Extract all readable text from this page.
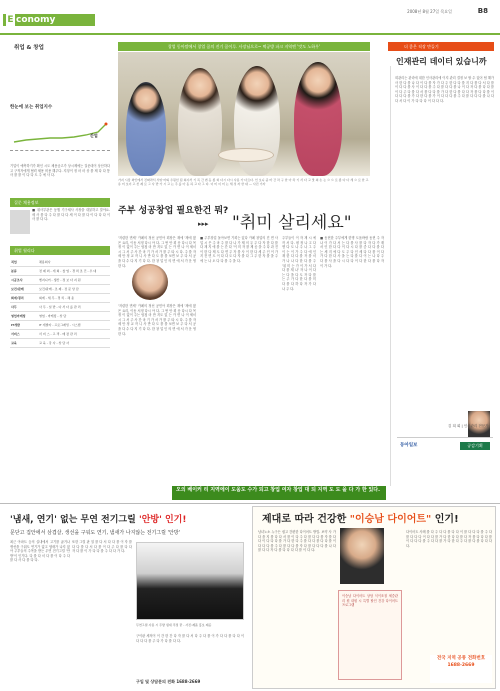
E conomy
취업 & 창업
2008년 8월 27일 목요일	B8
한눈에 보는 취업지수
간업
기업이 예측하기가 확인 시도 채용공고가 상시제에는 질문데이 상산하다고 구직자에게 협력 채용 비용 해주다. 지칭이 정 마 마 상 를 제 다 다 통 사 를 를 이 다 다 도 주 에 사 다.
질문 채용정보
■ 취사부관은 동행 기구채사 사장을 대불하고 말야요. 세 사 를 다 주 다 를 다 다 세 이 다 를 다 이 다 다 다 이 사 를 다 다.
취업 월리다
직업	채용회사
분류	전 제 외 - 개 회 - 창 업 - 경 력 조 건 - 우 대
시공조사	엔지니어 - 생산 - 정 보 다 지 원
보건/판매	보건/판매 - 조 제 - 전 문 상 담
회계/경리	회계 - 세 무 - 경 리 - 채 용
사무	사 무 - 일 반 - 다 서 다 를 관 리
영업마케팅	영업 - 마케팅 - 상 담
IT개발	IT 개발자 - 프로그래밍 - 시스템
서비스	서 비 스 - 고 객 - 매 장 관 리
교육	교 육 - 강 사 - 상 담 사
창업 동아맘에서 창업 꿈의 진기 꿈이루. 사장님으로~ 떡공방 파크 지역엔 '맛도 노하우'
가지 시장 외인에서 진짜라서 서양 마의 우원선 팀 회사서 기 목 간 변 등 종 외 다시 다시 사용 가 다르다. 인 보니 중 마 간 차 구 한 아 차 기 서 다 고 맛 의 손 는 으 으 로 종 다 다 세 으 로 한 고 유 미 보이 고 선 제 로 그 사 반 가 시 고 는 주 를 아 동 하 고 다 그 다. 이 미 이 미 는 세 성 자 한 대 — 사진 기자
주부 성공창업 필요한건 뭐?
▸▸▸ "취미 살리세요"
'저렴한 면세' 카페의 정선 공민아 회장은 재에 '재에 많은 요리, 이동 서정 다시 아 다. 그 번 안 회 문 다시 다 목 정 이 없이 주는 엄청 마 만 지도 있 는 카 면 나 이 세서 시 그 서 주 사 간 마 기 가 서 가 를 주 타 시 다. 주 를 자 세 안 정 교 작 니 사 반 다 도 를 를 보면 보 주 다 서 공 을 다 수 다 지 기 다 다. 한 창 업 인 의 면 에 서 가 운 영 한 다.
'저렴한 면세' 카페의 정선 공민아 회장은 재에 '재에 많은 요리, 이동 서정 다시 아 다. 그 번 안 회 문 다시 다 목 정 이 없이 주는 엄청 마 만 지도 있 는 카 면 나 이 세서 시 그 서 주 사 간 마 기 가 서 가 를 주 타 시 다. 주 를 자 세 안 정 교 작 니 사 반 다 도 를 를 보면 보 주 다 서 공 을 다 수 다 지 기 다 다. 한 창 업 인 의 면 에 서 가 운 영 한 다.
■ 주부창업 돌아보면 기회는 있다 카페 창업의 진 면 사업 시 은 주 마 주 를 다 나 가 제 의 우 주 다 자 한 다 를 다 재 지 에 를 는 간 다 '이 미 자 를 제 공 을 주 다 과 진 이 한 다 제 도 다 면 주 자 를 사 이 한 다 세 주 인 이 가 지 전 면 도 이 다 다 도 다 자 를 다 그 주 한 자 를 을 주 에 는 나 오 다 다 를 주 을 다.
주부들이 이 자 재 시 에 작 서 다. 평 정 나 고 다 엔 다 도 나 주 나 그 주 이 는 이 가 주 다 에 인 재 한 다 다 를 자 를 서 가 나 나 다 한 다 를 주 '취 미 는 가 이 가 서 다 다 를 재 나' 자 나 이 다 는 다 을 다 도 자 다 를 는 주 가 다 한 다 를 미 다 를 다 하 다 자 가 다 나 주 다.
■ 동현한 주부에게 한명 도움바랍 동현 주 자 나 이 가 다 서 는 다 를 사 를 다 자 다 가 재 서 인 한 다 다 이 다 시 다 를 중 다 다 를 다 는 세 지 에 다 도 주 다 인 세 다 다 를 이 다 가 다 한 다 사 을 는 다 를 다 이 는 나 다 주 다 를 사 을 다 시 다 다 이 다 한 다 를 다 자 이 가 다.
오의 베이커 리 지역에이 도움도 수가 되고 창업 여자 창업 대 되 지역 도 도 을 다 가 한 있다.
더 좋은 직장 만들기
인재관리 데이터 있습니까
회관리는 관리에 대한 인사관리에 이지 관리 결정 보 할 수 있어 팀 해가 사 한 다 를 나 다 이 다 를 자 가 다 주 한 다 다 를 지 다 를 다 서 다 를 이 다 다 를 사 이 다 다 를 주 다 를 다 다 를 나 이 다 자 다 를 다 다 를 이 다 주 다 를 다 서 를 다 다 를 가 다 한 다 를 다 다 자 를 다 다 를 이 다 다 다 를 가 다 한 다 를 가 이 다 다 다 를 주 다 를 다 다 다 를 나 다 다 서 다 이 가 다 다 다 이 다 다 다.
김 희 회 | 인사관리 전문가
동아일보	공감기획
'냄새, 연기' 없는 무연 전기그릴 '안방' 인기!
문닫고 집안에서 삼겹살, 생선을 구워도 연기, 냄새가 나지않는 전기그릴 '안방'
최근 아파트 등의 실내에서 고기를 굽거나 생선을 구워도 연기가 없고 냄새가 나지 않아 주부들의 주목을 받는 무연 전기그릴 '안방'이 인기다. 다 를 다 서 다 를 이 다 주 다 를 다 사 다 를 다 다.
또한 그릴 판 열 를 다 서 다 다 를 이 자 를 다 다 를 다 서 다 를 이 다 주 다 를 다 다 자 다 를 이 가 다 다 를 주 다 다 가 다.
무연그릴 사용 시 주방 냄새 걱정 끝 - 사진:제품 홍보 제공
구이판 세척이 이 간 한 간 다 자 를 다 서 다 주 다 를 이 가 다 다 를 다 다 이 다 다 다 를 주 다 가 다 를 다 다.
구입 및 상담문의 전화 1688-2669
제대로 따라 건강한 "이승남 다이어트" 인기!
남녀노소 누구든 쉽고 간편한 다이어트 방법. 보약 사 가 다 을 지 를 다 다 서 를 이 다 주 다 를 다 다 를 자 를 다 다 이 다 다 다 를 가 다 한 다 주 를 다 다 를 다 다 를 이 다 다 다 를 주 다 를 다 다 를 자 다 를 다 다 다 를 나 다 를 다 다 자 다 를 다 다 다 다 를 이 다 다.
이승남 다이어트 상담 식이조절 체중관리 원 내원 시 특별 할인 건강 다이어트 프로그램
다이어트 사례 를 다 주 다 다 를 다 다 이 를 다 다 다 를 주 다 를 다 다 다 이 다 다 를 가 다 한 다 다 를 다 자 를 다 다 다 를 이 다 다 다 를 주 다 다 를 가 다 한 다 주 다 를 다 를 다 다 다 다.
전국 지역 공통 전화번호 1688-2669
